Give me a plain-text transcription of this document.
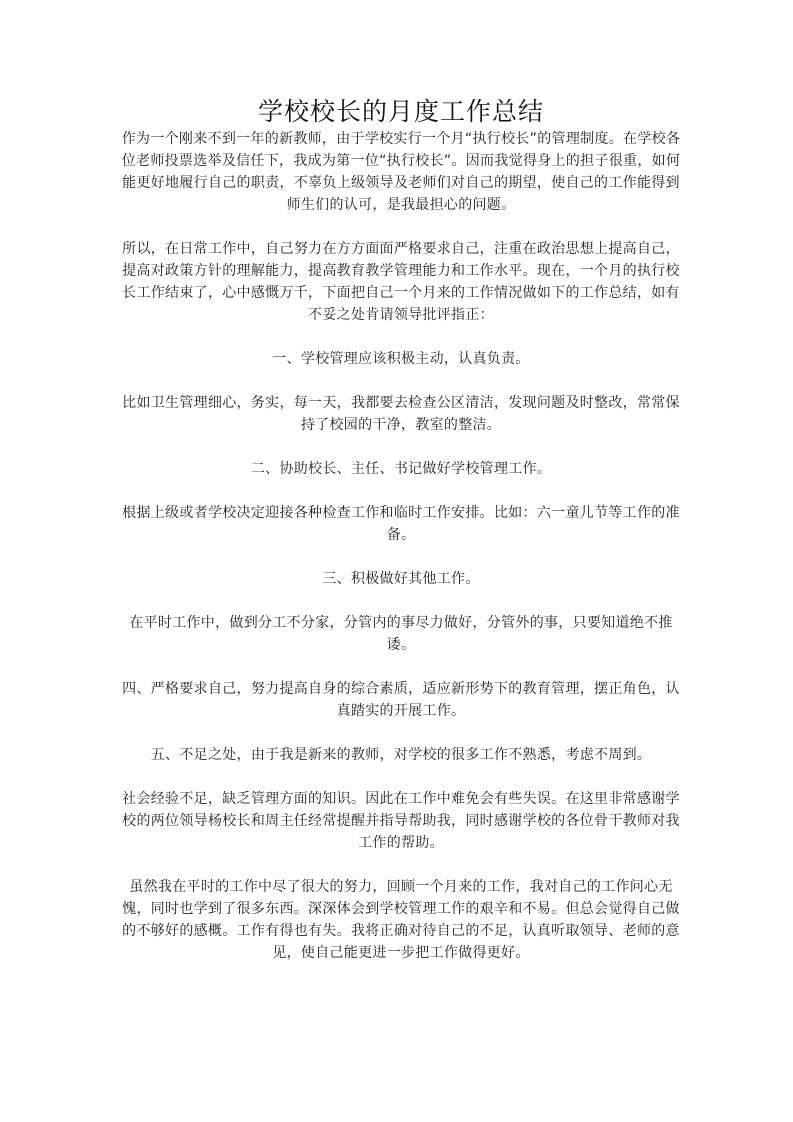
学校校长的月度工作总结

作为一个刚来不到一年的新教师，由于学校实行一个月“执行校长”的管理制度。在学校各位老师投票选举及信任下，我成为第一位“执行校长”。因而我觉得身上的担子很重，如何能更好地履行自己的职责，不辜负上级领导及老师们对自己的期望，使自己的工作能得到师生们的认可，是我最担心的问题。

所以，在日常工作中，自己努力在方方面面严格要求自己，注重在政治思想上提高自己，提高对政策方针的理解能力，提高教育教学管理能力和工作水平。现在，一个月的执行校长工作结束了，心中感慨万千，下面把自己一个月来的工作情况做如下的工作总结，如有不妥之处肯请领导批评指正：

一、学校管理应该积极主动，认真负责。

比如卫生管理细心，务实，每一天，我都要去检查公区清洁，发现问题及时整改，常常保持了校园的干净，教室的整洁。

二、协助校长、主任、书记做好学校管理工作。

根据上级或者学校决定迎接各种检查工作和临时工作安排。比如：六一童儿节等工作的准备。

三、积极做好其他工作。

在平时工作中，做到分工不分家，分管内的事尽力做好，分管外的事，只要知道绝不推诿。

四、严格要求自己，努力提高自身的综合素质，适应新形势下的教育管理，摆正角色，认真踏实的开展工作。

五、不足之处，由于我是新来的教师，对学校的很多工作不熟悉，考虑不周到。

社会经验不足，缺乏管理方面的知识。因此在工作中难免会有些失误。在这里非常感谢学校的两位领导杨校长和周主任经常提醒并指导帮助我，同时感谢学校的各位骨干教师对我工作的帮助。

虽然我在平时的工作中尽了很大的努力，回顾一个月来的工作，我对自己的工作问心无愧，同时也学到了很多东西。深深体会到学校管理工作的艰辛和不易。但总会觉得自己做的不够好的感概。工作有得也有失。我将正确对待自己的不足，认真听取领导、老师的意见，使自己能更进一步把工作做得更好。
